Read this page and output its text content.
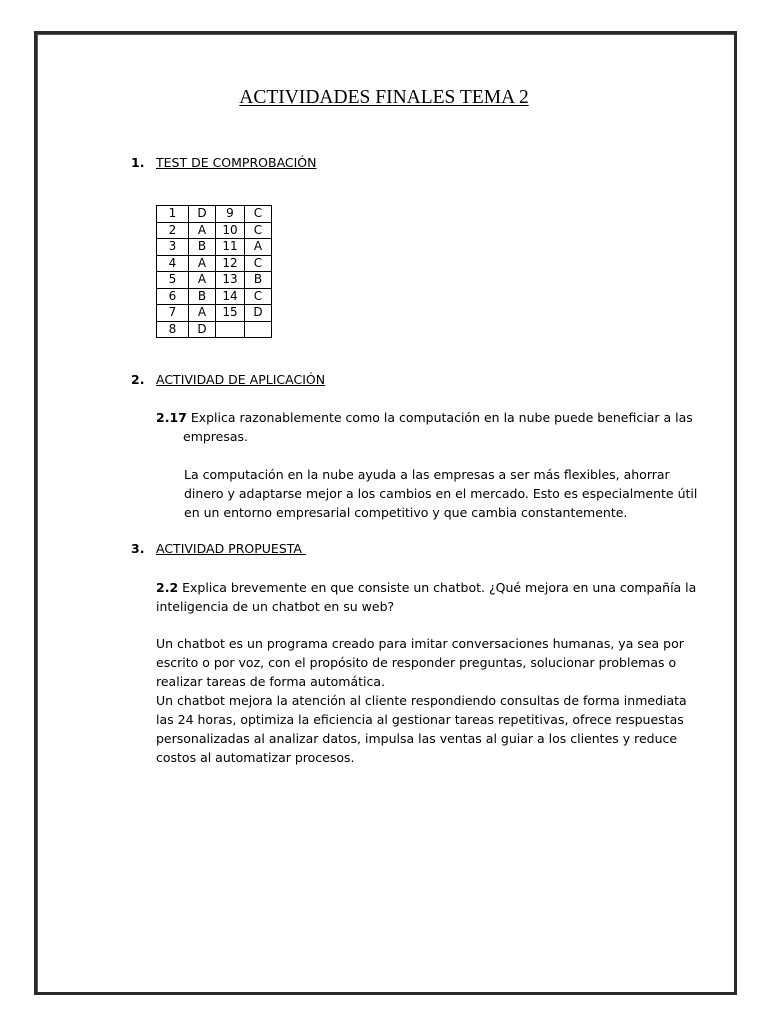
ACTIVIDADES FINALES TEMA 2
1. TEST DE COMPROBACIÓN
1	D	9	C
2	A	10	C
3	B	11	A
4	A	12	C
5	A	13	B
6	B	14	C
7	A	15	D
8	D		
2. ACTIVIDAD DE APLICACIÓN
2.17 Explica razonablemente como la computación en la nube puede beneficiar a las
empresas.
La computación en la nube ayuda a las empresas a ser más flexibles, ahorrar
dinero y adaptarse mejor a los cambios en el mercado. Esto es especialmente útil
en un entorno empresarial competitivo y que cambia constantemente.
3. ACTIVIDAD PROPUESTA
2.2 Explica brevemente en que consiste un chatbot. ¿Qué mejora en una compañía la
inteligencia de un chatbot en su web?
Un chatbot es un programa creado para imitar conversaciones humanas, ya sea por
escrito o por voz, con el propósito de responder preguntas, solucionar problemas o
realizar tareas de forma automática.
Un chatbot mejora la atención al cliente respondiendo consultas de forma inmediata
las 24 horas, optimiza la eficiencia al gestionar tareas repetitivas, ofrece respuestas
personalizadas al analizar datos, impulsa las ventas al guiar a los clientes y reduce
costos al automatizar procesos.
